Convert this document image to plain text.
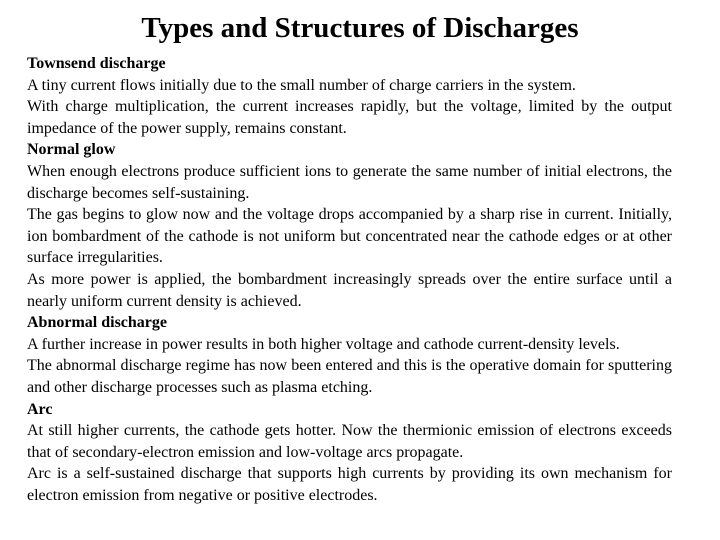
Types and Structures of Discharges

Townsend discharge

A tiny current flows initially due to the small number of charge carriers in the system.

With charge multiplication, the current increases rapidly, but the voltage, limited by the output impedance of the power supply, remains constant.

Normal glow

When enough electrons produce sufficient ions to generate the same number of initial electrons, the discharge becomes self-sustaining.

The gas begins to glow now and the voltage drops accompanied by a sharp rise in current. Initially, ion bombardment of the cathode is not uniform but concentrated near the cathode edges or at other surface irregularities.

As more power is applied, the bombardment increasingly spreads over the entire surface until a nearly uniform current density is achieved.

Abnormal discharge

A further increase in power results in both higher voltage and cathode current-density levels.

The abnormal discharge regime has now been entered and this is the operative domain for sputtering and other discharge processes such as plasma etching.

Arc

At still higher currents, the cathode gets hotter. Now the thermionic emission of electrons exceeds that of secondary-electron emission and low-voltage arcs propagate.

Arc is a self-sustained discharge that supports high currents by providing its own mechanism for electron emission from negative or positive electrodes.
